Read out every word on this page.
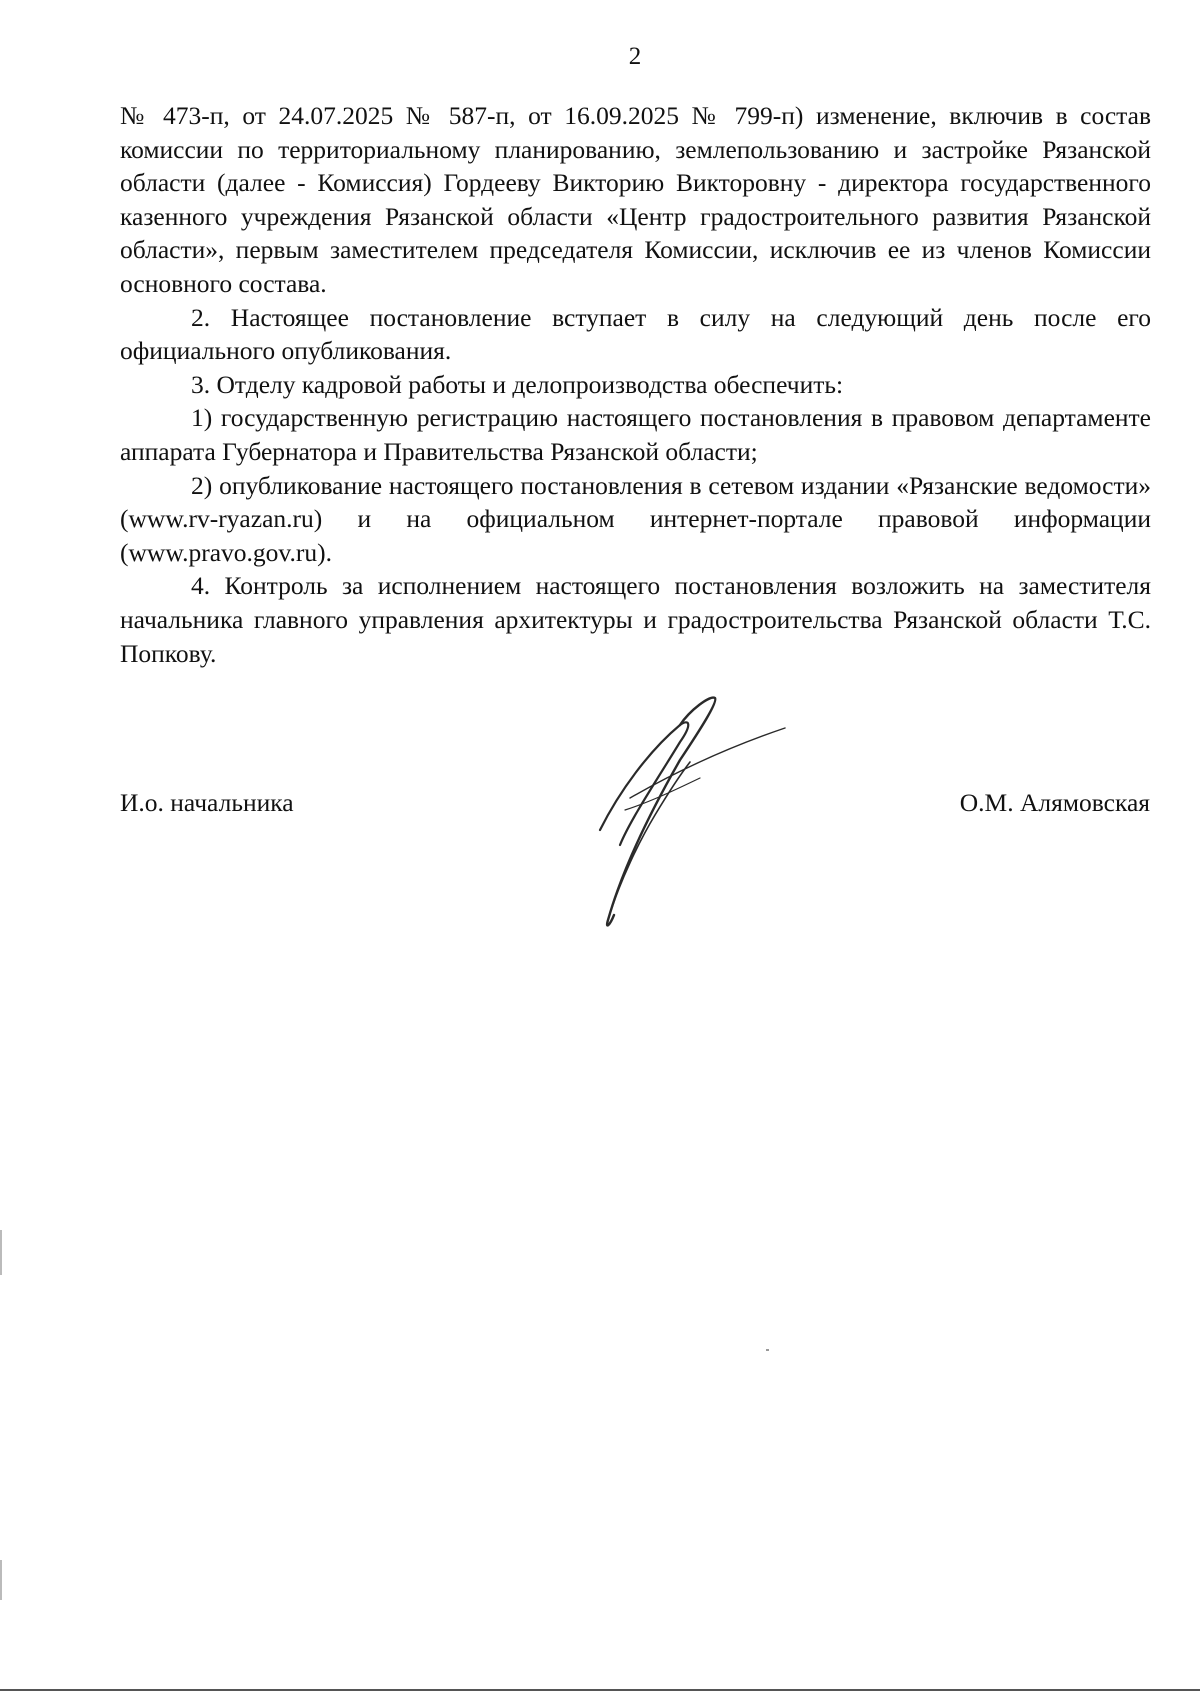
2

№ 473-п, от 24.07.2025 № 587-п, от 16.09.2025 № 799-п) изменение, включив в состав комиссии по территориальному планированию, землепользованию и застройке Рязанской области (далее - Комиссия) Гордееву Викторию Викторовну - директора государственного казенного учреждения Рязанской области «Центр градостроительного развития Рязанской области», первым заместителем председателя Комиссии, исключив ее из членов Комиссии основного состава.

2. Настоящее постановление вступает в силу на следующий день после его официального опубликования.

3. Отделу кадровой работы и делопроизводства обеспечить:

1) государственную регистрацию настоящего постановления в правовом департаменте аппарата Губернатора и Правительства Рязанской области;

2) опубликование настоящего постановления в сетевом издании «Рязанские ведомости» (www.rv-ryazan.ru) и на официальном интернет-портале правовой информации (www.pravo.gov.ru).

4. Контроль за исполнением настоящего постановления возложить на заместителя начальника главного управления архитектуры и градостроительства Рязанской области Т.С. Попкову.

И.о. начальника	О.М. Алямовская
